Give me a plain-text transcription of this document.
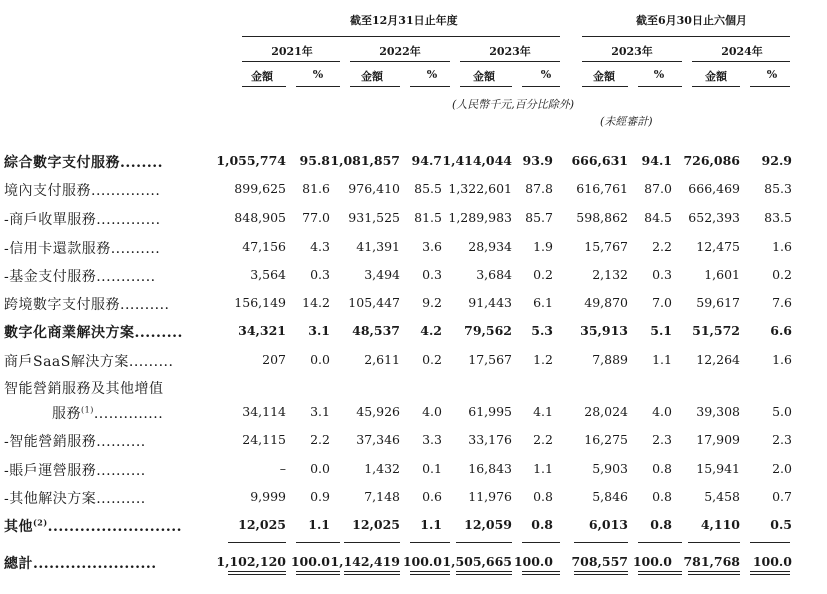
截至12月31日止年度	截至6月30日止六個月
2021年	2022年	2023年	2023年	2024年
金額	%	金額	%	金額	%	金額	%	金額	%
(人民幣千元,百分比除外)
(未經審計)
綜合數字支付服務........	1,055,774	95.8 1,081,857 94.7 1,414,044 93.9	666,631	94.1 726,086	92.9
境內支付服務..............	899,625	81.6	976,410	85.5 1,322,601	87.8	616,761	87.0	666,469	85.3
-商戶收單服務.............	848,905	77.0	931,525	81.5 1,289,983	85.7	598,862	84.5	652,393	83.5
-信用卡還款服務..........	47,156	4.3	41,391	3.6	28,934	1.9	15,767	2.2	12,475	1.6
-基金支付服務............	3,564	0.3	3,494	0.3	3,684	0.2	2,132	0.3	1,601	0.2
跨境數字支付服務..........	156,149	14.2	105,447	9.2	91,443	6.1	49,870	7.0	59,617	7.6
數字化商業解決方案.........	34,321	3.1	48,537	4.2	79,562	5.3	35,913	5.1	51,572	6.6
商戶SaaS解決方案.........	207	0.0	2,611	0.2	17,567	1.2	7,889	1.1	12,264	1.6
智能營銷服務及其他增值
服務$^{(1)}$..............	34,114	3.1	45,926	4.0	61,995	4.1	28,024	4.0	39,308	5.0
-智能營銷服務..........	24,115	2.2	37,346	3.3	33,176	2.2	16,275	2.3	17,909	2.3
-賬戶運營服務..........	–	0.0	1,432	0.1	16,843	1.1	5,903	0.8	15,941	2.0
-其他解決方案..........	9,999	0.9	7,148	0.6	11,976	0.8	5,846	0.8	5,458	0.7
其他$^{(2)}$.........................	12,025	1.1	12,025	1.1	12,059	0.8	6,013	0.8	4,110	0.5
總計.......................	1,102,120 100.0 1,142,419 100.0 1,505,665 100.0	708,557 100.0 781,768	100.0
